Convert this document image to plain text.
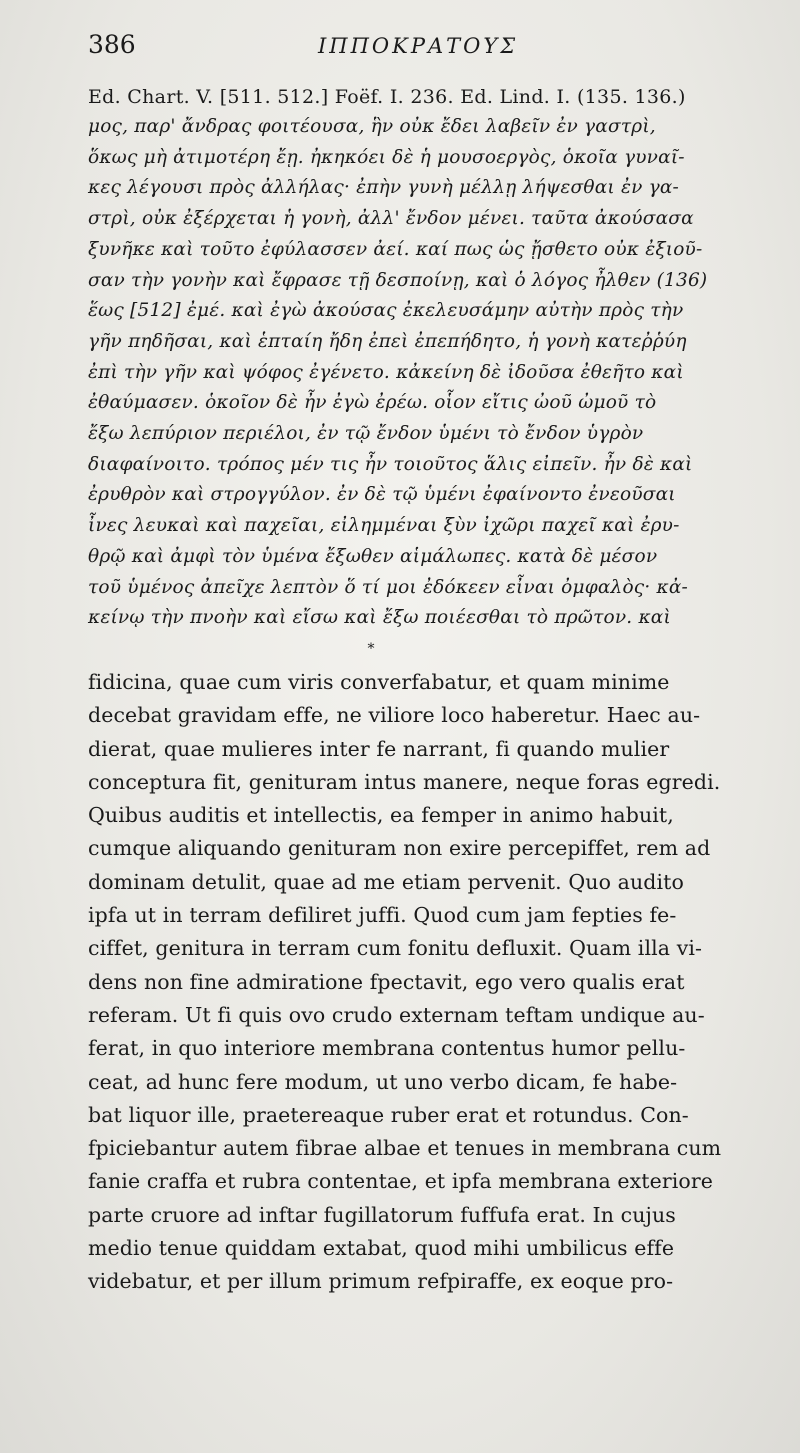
386	ΙΠΠΟΚΡΑΤΟΥΣ
Ed. Chart. V. [511. 512.] Foëf. I. 236. Ed. Lind. I. (135. 136.)
μος, παρ' ἄνδρας φοιτέουσα, ἣν οὐκ ἔδει λαβεῖν ἐν γαστρὶ,
ὅκως μὴ ἀτιμοτέρη ἔῃ. ἠκηκόει δὲ ἡ μουσοεργὸς, ὁκοῖα γυναῖ-
κες λέγουσι πρὸς ἀλλήλας· ἐπὴν γυνὴ μέλλῃ λήψεσθαι ἐν γα-
στρὶ, οὐκ ἐξέρχεται ἡ γονὴ, ἀλλ' ἔνδον μένει. ταῦτα ἀκούσασα
ξυνῆκε καὶ τοῦτο ἐφύλασσεν ἀεί. καί πως ὡς ᾔσθετο οὐκ ἐξιοῦ-
σαν τὴν γονὴν καὶ ἔφρασε τῇ δεσποίνῃ, καὶ ὁ λόγος ἦλθεν (136)
ἕως [512] ἐμέ. καὶ ἐγὼ ἀκούσας ἐκελευσάμην αὐτὴν πρὸς τὴν
γῆν πηδῆσαι, καὶ ἑπταίη ἤδη ἐπεὶ ἐπεπήδητο, ἡ γονὴ κατεῤῥύη
ἐπὶ τὴν γῆν καὶ ψόφος ἐγένετο. κἀκείνη δὲ ἰδοῦσα ἐθεῆτο καὶ
ἐθαύμασεν. ὁκοῖον δὲ ἦν ἐγὼ ἐρέω. οἷον εἴτις ὠοῦ ὠμοῦ τὸ
ἔξω λεπύριον περιέλοι, ἐν τῷ ἔνδον ὑμένι τὸ ἔνδον ὑγρὸν
διαφαίνοιτο. τρόπος μέν τις ἦν τοιοῦτος ἅλις εἰπεῖν. ἦν δὲ καὶ
ἐρυθρὸν καὶ στρογγύλον. ἐν δὲ τῷ ὑμένι ἐφαίνοντο ἐνεοῦσαι
ἶνες λευκαὶ καὶ παχεῖαι, εἰλημμέναι ξὺν ἰχῶρι παχεῖ καὶ ἐρυ-
θρῷ καὶ ἀμφὶ τὸν ὑμένα ἔξωθεν αἱμάλωπες. κατὰ δὲ μέσον
τοῦ ὑμένος ἀπεῖχε λεπτὸν ὅ τί μοι ἐδόκεεν εἶναι ὀμφαλὸς· κἀ-
κείνῳ τὴν πνοὴν καὶ εἴσω καὶ ἔξω ποιέεσθαι τὸ πρῶτον. καὶ
*
fidicina, quae cum viris converfabatur, et quam minime
decebat gravidam effe, ne viliore loco haberetur. Haec au-
dierat, quae mulieres inter fe narrant, fi quando mulier
conceptura fit, genituram intus manere, neque foras egredi.
Quibus auditis et intellectis, ea femper in animo habuit,
cumque aliquando genituram non exire percepiffet, rem ad
dominam detulit, quae ad me etiam pervenit. Quo audito
ipfa ut in terram defiliret juffi. Quod cum jam fepties fe-
ciffet, genitura in terram cum fonitu defluxit. Quam illa vi-
dens non fine admiratione fpectavit, ego vero qualis erat
referam. Ut fi quis ovo crudo externam teftam undique au-
ferat, in quo interiore membrana contentus humor pellu-
ceat, ad hunc fere modum, ut uno verbo dicam, fe habe-
bat liquor ille, praetereaque ruber erat et rotundus. Con-
fpiciebantur autem fibrae albae et tenues in membrana cum
fanie craffa et rubra contentae, et ipfa membrana exteriore
parte cruore ad inftar fugillatorum fuffufa erat. In cujus
medio tenue quiddam extabat, quod mihi umbilicus effe
videbatur, et per illum primum refpiraffe, ex eoque pro-
